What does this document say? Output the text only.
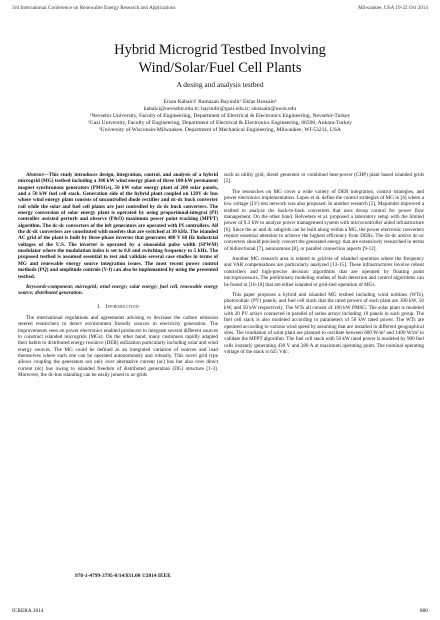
3rd International Conference on Renewable Energy Research and Applications	Milwaukee, USA 19-22 Oct 2014
Hybrid Microgrid Testbed Involving
Wind/Solar/Fuel Cell Plants
A desing and analysis testbed

Ersan Kabalci¹ Ramazan Bayindir² Eklas Hossain³

kabalci@nevsehir.edu.tr; bayindir@gazi.edu.tr; shossain@uwm.edu

¹Nevsehir University, Faculty of Engineering, Department of Electrical & Electronics Engineering, Nevsehir-Turkey

²Gazi University, Faculty of Engineering, Department of Electrical & Electronics Engineering, 06500, Ankara-Turkey

³University of Wisconsin-Milwaukee, Department of Mechanical Engineering, Milwaukee, WI-53211, USA

Abstract—This study introduces design, integration, control, and analysis of a hybrid microgrid (MG) testbed including a 300 kW wind energy plant of three 100-kW permanent magnet synchronous generators (PMSGs), 50 kW solar energy plant of 200 solar panels, and a 50 kW fuel cell stack. Generation side of the hybrid plant coupled on 120V dc bus where wind energy plant consists of uncontrolled diode rectifier and dc-dc buck converter rail while the solar and fuel cell plants are just controlled by dc-dc buck converters. The energy conversion of solar energy plant is operated by using proportional-integral (PI) controller assisted perturb and observe (P&O) maximum power point tracking (MPPT) algorithm. The dc-dc converters of the left generators are operated with PI controllers. All the dc-dc converters are constituted with mosfets that are switched at 30 kHz. The islanded AC grid of the plant is built by three-phase inverter that generates 480 V 60 Hz industrial voltages of the U.S. The inverter is operated by a sinusoidal pulse width (SPWM) modulator where the modulation index is set to 0.8 and switching frequency to 5 kHz. The proposed testbed is assumed essential to test and validate several case studies in terms of MG and renewable energy source integration issues. The most recent power control methods (PQ) and amplitude controls (V-f) can also be implemented by using the presented testbed.

Keywords-component; microgrid; wind energy; solar energy; fuel cell, renewable energy source; distributed generation.

I. Introduction

The international regulations and agreements advising to decrease the carbon emission steered researchers to detect environment friendly sources in electricity generation. The improvements seen on power electronics enabled producers to integrate several different sources to construct islanded microgrids (MGs). On the other hand, many customers rapidly adapted their habits to distributed energy resource (DER) utilization particularly including solar and wind energy sources. The MG could be defined as an integrated variation of sources and load themselves where each one can be operated autonomously and robustly. This novel grid type allows coupling the generators not only over alternative current (ac) bus but also over direct current (dc) bus owing to islanded freedom of distributed generation (DG) structure [1-3]. Moreover, the dc-bus islanding can be easily joined to ac-grids

such as utility grid, diesel generator or combined heat-power (CHP) plant based islanded grids [2].

The researches on MG cover a wide variety of DER integration, control strategies, and power electronics implementation. Lopes et al. define the control strategies of MG in [4] where a low voltage (LV) test network was also proposed. In another research [5], Majumder improved a testbed to analyze the back-to-back converters that uses droop control for power flow management. On the other hand, Belvedere et al. proposed a laboratory setup with the limited power of 9.3 kW to analyze power management system with microcontroller aided infrastructure [6]. Since the ac and dc subgrids can be built along within a MG, the power electronic converters require essential attention to achieve the highest efficiency from DERs. The dc-dc and/or dc-ac converters should precisely convert the generated energy that are extensively researched in terms of bidirectional [7], autonomous [8], or parallel connection aspects [9-12].

Another MG research area is related to grid-tie of islanded operation where the frequency and VAR compensations are particularly analyzed [13-15]. These infrastructures involve robust controllers and high-precise decision algorithms that are operated by floating point microprocessors. The preliminary modeling studies of fault detection and control algorithms can be found in [16-18] that are either islanded or grid-tied operation of MGs.

This paper proposes a hybrid and islanded MG testbed including wind turbines (WTs), photovoltaic (PV) panels, and fuel cell stack that the rated powers of each plant are 300 kW, 50 kW, and 50 kW respectively. The WTs all consist of 100 kW PMSG. The solar plant is modeled with 20 PV arrays connected in parallel of series arrays including 10 panels in each group. The fuel cell stack is also modeled according to parameters of 50 kW rated power. The WTs are operated according to various wind speed by assuming that are installed in different geographical sites. The irradiation of solar plant are planned to oscillate between 600 W/m² and 1400 W/m² to validate the MPPT algorithm. The fuel cell stack with 50 kW rated power is modeled by 900 fuel cells instantly generating 430 V and 280 A at maximum operating point. The nominal operating voltage of the stack is 625 Vdc.

978-1-4799-3795-0/14/$31.00 ©2014 IEEE
ICRERA 2014	880
